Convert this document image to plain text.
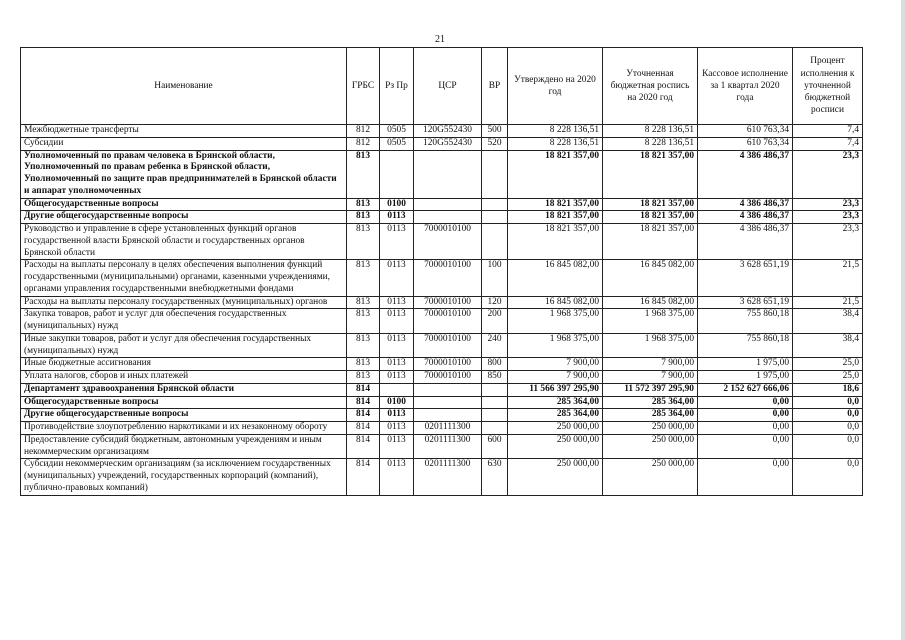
21
Наименование	ГРБС	Рз Пр	ЦСР	ВР	Утверждено на 2020 год	Уточненная бюджетная роспись на 2020 год	Кассовое исполнение за 1 квартал 2020 года	Процент исполнения к уточненной бюджетной росписи
Межбюджетные трансферты	812	0505	120G552430	500	8 228 136,51	8 228 136,51	610 763,34	7,4
Субсидии	812	0505	120G552430	520	8 228 136,51	8 228 136,51	610 763,34	7,4
Уполномоченный по правам человека в Брянской области, Уполномоченный по правам ребенка в Брянской области, Уполномоченный по защите прав предпринимателей в Брянской области и аппарат уполномоченных	813				18 821 357,00	18 821 357,00	4 386 486,37	23,3
Общегосударственные вопросы	813	0100			18 821 357,00	18 821 357,00	4 386 486,37	23,3
Другие общегосударственные вопросы	813	0113			18 821 357,00	18 821 357,00	4 386 486,37	23,3
Руководство и управление в сфере установленных функций органов государственной власти Брянской области и государственных органов Брянской области	813	0113	7000010100		18 821 357,00	18 821 357,00	4 386 486,37	23,3
Расходы на выплаты персоналу в целях обеспечения выполнения функций государственными (муниципальными) органами, казенными учреждениями, органами управления государственными внебюджетными фондами	813	0113	7000010100	100	16 845 082,00	16 845 082,00	3 628 651,19	21,5
Расходы на выплаты персоналу государственных (муниципальных) органов	813	0113	7000010100	120	16 845 082,00	16 845 082,00	3 628 651,19	21,5
Закупка товаров, работ и услуг для обеспечения государственных (муниципальных) нужд	813	0113	7000010100	200	1 968 375,00	1 968 375,00	755 860,18	38,4
Иные закупки товаров, работ и услуг для обеспечения государственных (муниципальных) нужд	813	0113	7000010100	240	1 968 375,00	1 968 375,00	755 860,18	38,4
Иные бюджетные ассигнования	813	0113	7000010100	800	7 900,00	7 900,00	1 975,00	25,0
Уплата налогов, сборов и иных платежей	813	0113	7000010100	850	7 900,00	7 900,00	1 975,00	25,0
Департамент здравоохранения Брянской области	814				11 566 397 295,90	11 572 397 295,90	2 152 627 666,06	18,6
Общегосударственные вопросы	814	0100			285 364,00	285 364,00	0,00	0,0
Другие общегосударственные вопросы	814	0113			285 364,00	285 364,00	0,00	0,0
Противодействие злоупотреблению наркотиками и их незаконному обороту	814	0113	0201111300		250 000,00	250 000,00	0,00	0,0
Предоставление субсидий бюджетным, автономным учреждениям и иным некоммерческим организациям	814	0113	0201111300	600	250 000,00	250 000,00	0,00	0,0
Субсидии некоммерческим организациям (за исключением государственных (муниципальных) учреждений, государственных корпораций (компаний), публично-правовых компаний)	814	0113	0201111300	630	250 000,00	250 000,00	0,00	0,0
